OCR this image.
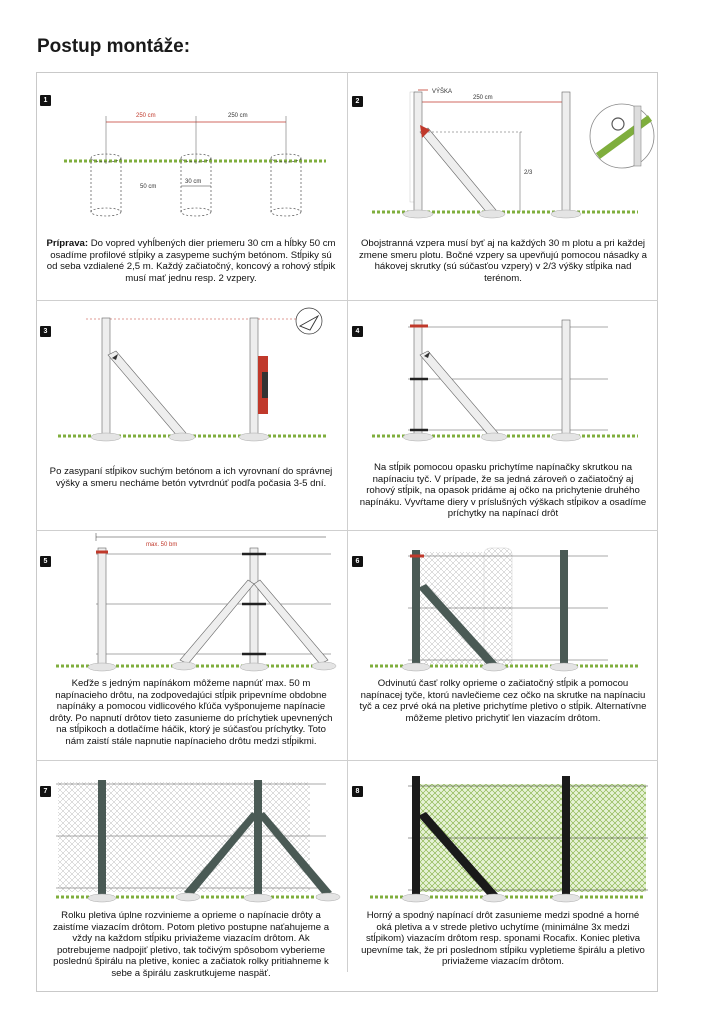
Postup montáže:
1
250 cm	250 cm
30 cm
50 cm
Príprava: Do vopred vyhĺbených dier priemeru 30 cm a hĺbky 50 cm osadíme profilové stĺpiky a zasypeme suchým betónom. Stĺpiky sú od seba vzdialené 2,5 m. Každý začiatočný, koncový a rohový stĺpik musí mať jednu resp. 2 vzpery.
2
VÝŠKA
250 cm
2/3
Obojstranná vzpera musí byť aj na každých 30 m plotu a pri každej zmene smeru plotu. Bočné vzpery sa upevňujú pomocou násadky a hákovej skrutky (sú súčasťou vzpery) v 2/3 výšky stĺpika nad terénom.
3
Po zasypaní stĺpikov suchým betónom a ich vyrovnaní do správnej výšky a smeru necháme betón vytvrdnúť podľa počasia 3-5 dní.
4
Na stĺpik pomocou opasku prichytíme napínačky skrutkou na napínaciu tyč. V prípade, že sa jedná zároveň o začiatočný aj rohový stĺpik, na opasok pridáme aj očko na prichytenie druhého napínáku. Vyvŕtame diery v príslušných výškach stĺpikov a osadíme príchytky na napínací drôt
5
max. 50 bm
Keďže s jedným napínákom môžeme napnúť max. 50 m napínacieho drôtu, na zodpovedajúci stĺpik pripevníme obdobne napínáky a pomocou vidlicového kľúča vyšponujeme napínacie drôty. Po napnutí drôtov tieto zasunieme do príchytiek upevnených na stĺpikoch a dotlačíme háčik, ktorý je súčasťou príchytky. Toto nám zaistí stále napnutie napínacieho drôtu medzi stĺpikmi.
6
Odvinutú časť rolky oprieme o začiatočný stĺpik a pomocou napínacej tyče, ktorú navlečieme cez očko na skrutke na napínaciu tyč a cez prvé oká na pletive prichytíme pletivo o stĺpik. Alternatívne môžeme pletivo prichytiť len viazacím drôtom.
7
Rolku pletiva úplne rozvinieme a oprieme o napínacie drôty a zaistíme viazacím drôtom. Potom pletivo postupne naťahujeme a vždy na každom stĺpiku priviažeme viazacím drôtom. Ak potrebujeme nadpojiť pletivo, tak točivým spôsobom vyberieme poslednú špirálu na pletive, koniec a začiatok rolky pritiahneme k sebe a špirálu zaskrutkujeme naspäť.
8
Horný a spodný napínací drôt zasunieme medzi spodné a horné oká pletiva a v strede pletivo uchytíme (minimálne 3x medzi stĺpikom) viazacím drôtom resp. sponami Rocafix. Koniec pletiva upevníme tak, že pri poslednom stĺpiku vypletieme špirálu a pletivo priviažeme viazacím drôtom.
